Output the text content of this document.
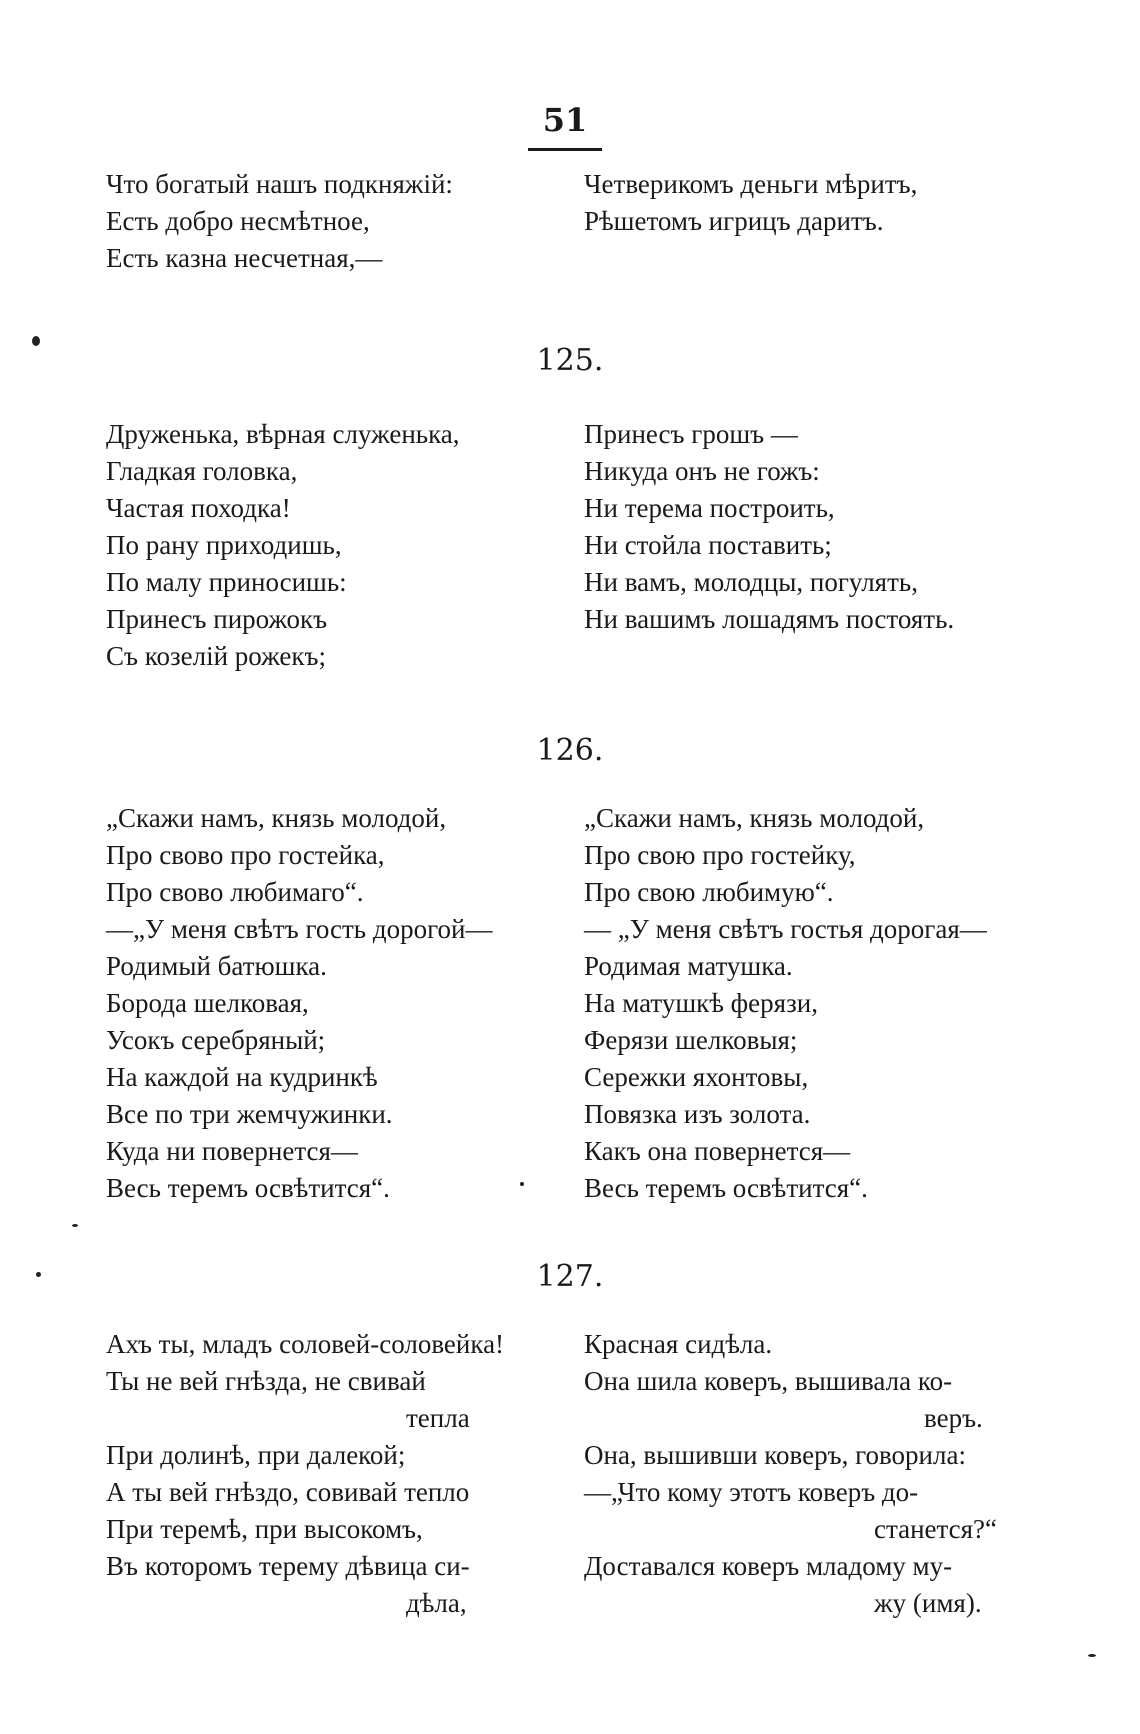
51
Что богатый нашъ подкняжій:
Есть добро несмѣтное,
Есть казна несчетная,—
Четверикомъ деньги мѣритъ,
Рѣшетомъ игрицъ даритъ.
125.
Друженька, вѣрная служенька,
Гладкая головка,
Частая походка!
По рану приходишь,
По малу приносишь:
Принесъ пирожокъ
Съ козелій рожекъ;
Принесъ грошъ —
Никуда онъ не гожъ:
Ни терема построить,
Ни стойла поставить;
Ни вамъ, молодцы, погулять,
Ни вашимъ лошадямъ постоять.
126.
„Скажи намъ, князь молодой,
Про свово про гостейка,
Про свово любимаго“.
—„У меня свѣтъ гость дорогой—
Родимый батюшка.
Борода шелковая,
Усокъ серебряный;
На каждой на кудринкѣ
Все по три жемчужинки.
Куда ни повернется—
Весь теремъ освѣтится“.
„Скажи намъ, князь молодой,
Про свою про гостейку,
Про свою любимую“.
— „У меня свѣтъ гостья дорогая—
Родимая матушка.
На матушкѣ ферязи,
Ферязи шелковыя;
Сережки яхонтовы,
Повязка изъ золота.
Какъ она повернется—
Весь теремъ освѣтится“.
127.
Ахъ ты, младъ соловей-соловейка!
Ты не вей гнѣзда, не свивай
тепла
При долинѣ, при далекой;
А ты вей гнѣздо, совивай тепло
При теремѣ, при высокомъ,
Въ которомъ терему дѣвица си-
дѣла,
Красная сидѣла.
Она шила коверъ, вышивала ко-
веръ.
Она, вышивши коверъ, говорила:
—„Что кому этотъ коверъ до-
станется?“
Доставался коверъ младому му-
жу (имя).
